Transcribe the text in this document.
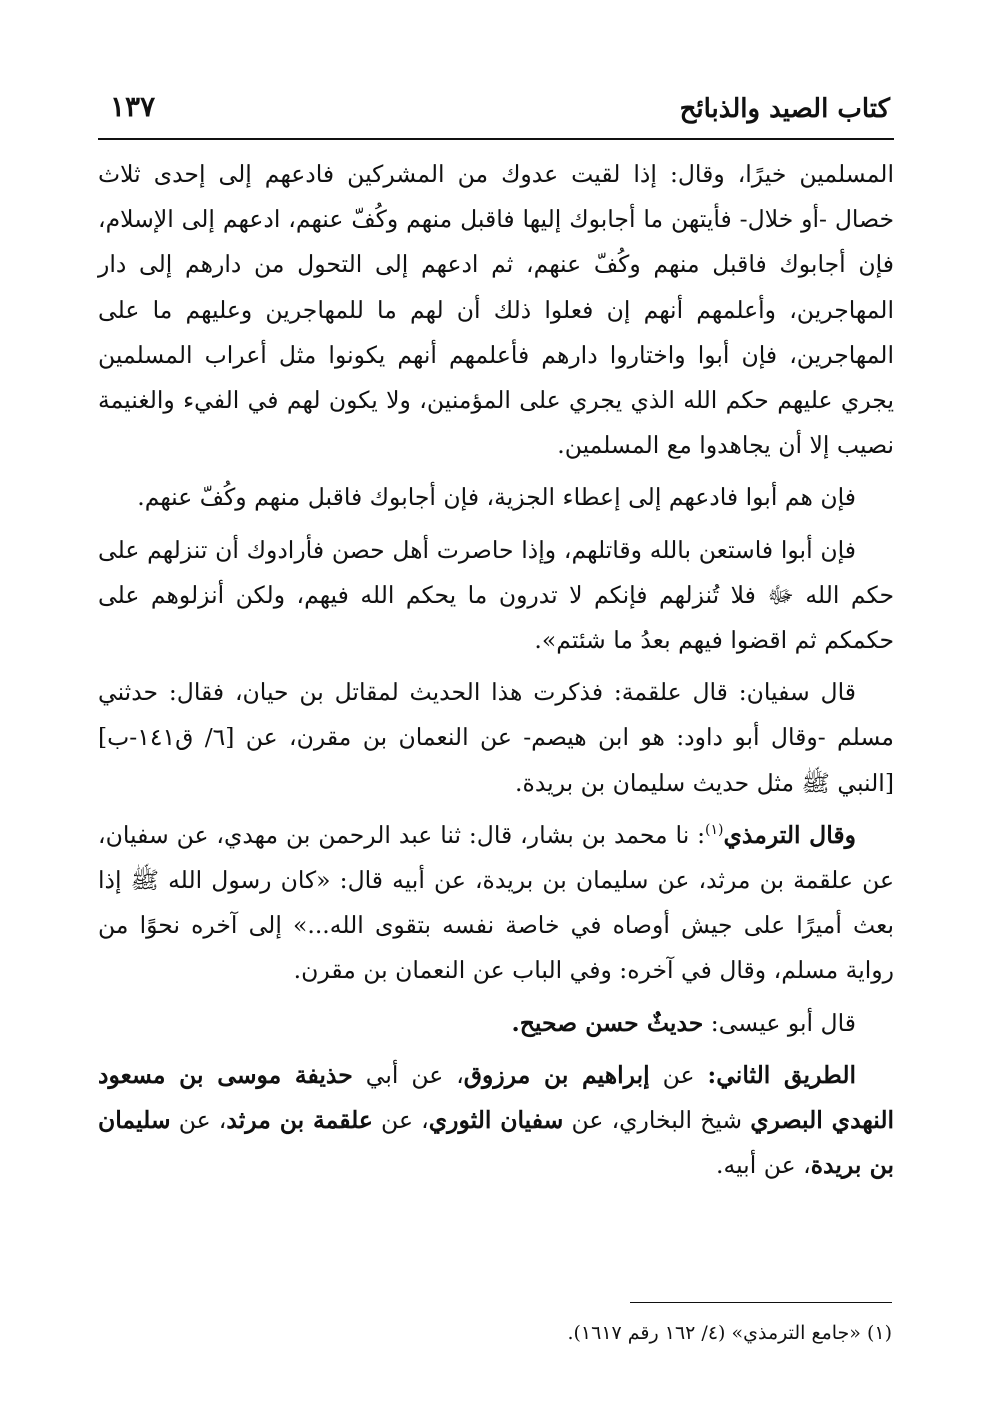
كتاب الصيد والذبائح
١٣٧

المسلمين خيرًا، وقال: إذا لقيت عدوك من المشركين فادعهم إلى إحدى ثلاث خصال -أو خلال- فأيتهن ما أجابوك إليها فاقبل منهم وكُفّ عنهم، ادعهم إلى الإسلام، فإن أجابوك فاقبل منهم وكُفّ عنهم، ثم ادعهم إلى التحول من دارهم إلى دار المهاجرين، وأعلمهم أنهم إن فعلوا ذلك أن لهم ما للمهاجرين وعليهم ما على المهاجرين، فإن أبوا واختاروا دارهم فأعلمهم أنهم يكونوا مثل أعراب المسلمين يجري عليهم حكم الله الذي يجري على المؤمنين، ولا يكون لهم في الفيء والغنيمة نصيب إلا أن يجاهدوا مع المسلمين.

فإن هم أبوا فادعهم إلى إعطاء الجزية، فإن أجابوك فاقبل منهم وكُفّ عنهم.

فإن أبوا فاستعن بالله وقاتلهم، وإذا حاصرت أهل حصن فأرادوك أن تنزلهم على حكم الله ﷻ فلا تُنزلهم فإنكم لا تدرون ما يحكم الله فيهم، ولكن أنزلوهم على حكمكم ثم اقضوا فيهم بعدُ ما شئتم».

قال سفيان: قال علقمة: فذكرت هذا الحديث لمقاتل بن حيان، فقال: حدثني مسلم -وقال أبو داود: هو ابن هيصم- عن النعمان بن مقرن، عن [٦/ ق١٤١-ب] [النبي ﷺ مثل حديث سليمان بن بريدة.

وقال الترمذي$^{(١)}$: نا محمد بن بشار، قال: ثنا عبد الرحمن بن مهدي، عن سفيان، عن علقمة بن مرثد، عن سليمان بن بريدة، عن أبيه قال: «كان رسول الله ﷺ إذا بعث أميرًا على جيش أوصاه في خاصة نفسه بتقوى الله...» إلى آخره نحوًا من رواية مسلم، وقال في آخره: وفي الباب عن النعمان بن مقرن.

قال أبو عيسى: حديثٌ حسن صحيح.

الطريق الثاني: عن إبراهيم بن مرزوق، عن أبي حذيفة موسى بن مسعود النهدي البصري شيخ البخاري، عن سفيان الثوري، عن علقمة بن مرثد، عن سليمان بن بريدة، عن أبيه.

(١) «جامع الترمذي» (٤/ ١٦٢ رقم ١٦١٧).
